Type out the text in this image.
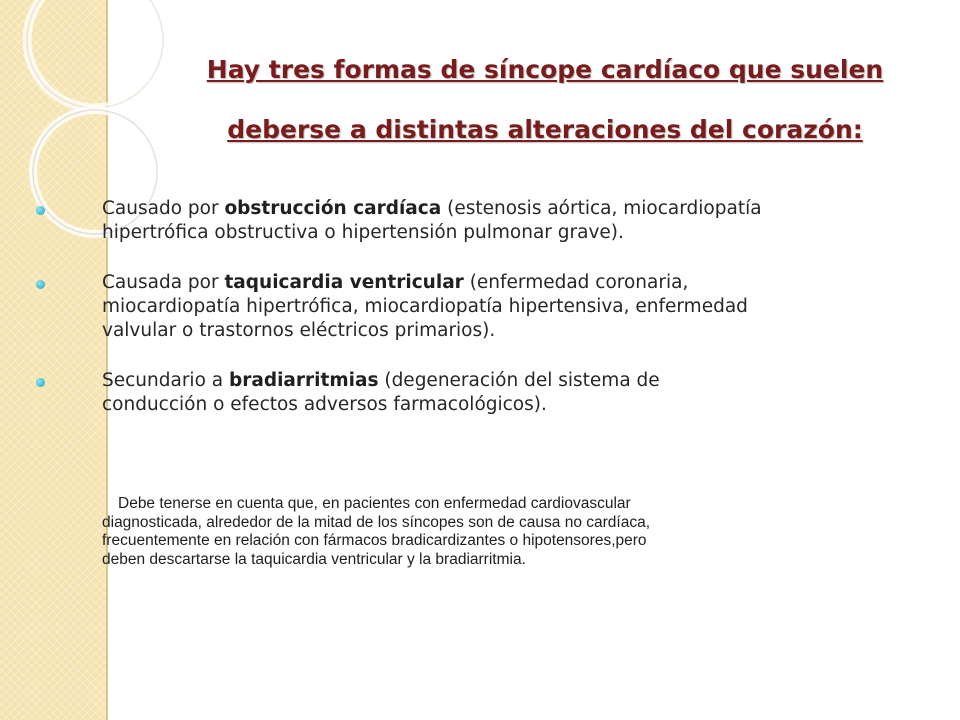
Hay tres formas de síncope cardíaco que suelen
deberse a distintas alteraciones del corazón:
Causado por obstrucción cardíaca (estenosis aórtica, miocardiopatía
hipertrófica obstructiva o hipertensión pulmonar grave).
Causada por taquicardia ventricular (enfermedad coronaria,
miocardiopatía hipertrófica, miocardiopatía hipertensiva, enfermedad
valvular o trastornos eléctricos primarios).
Secundario a bradiarritmias (degeneración del sistema de
conducción o efectos adversos farmacológicos).
Debe tenerse en cuenta que, en pacientes con enfermedad cardiovascular
diagnosticada, alrededor de la mitad de los síncopes son de causa no cardíaca,
frecuentemente en relación con fármacos bradicardizantes o hipotensores,pero
deben descartarse la taquicardia ventricular y la bradiarritmia.
